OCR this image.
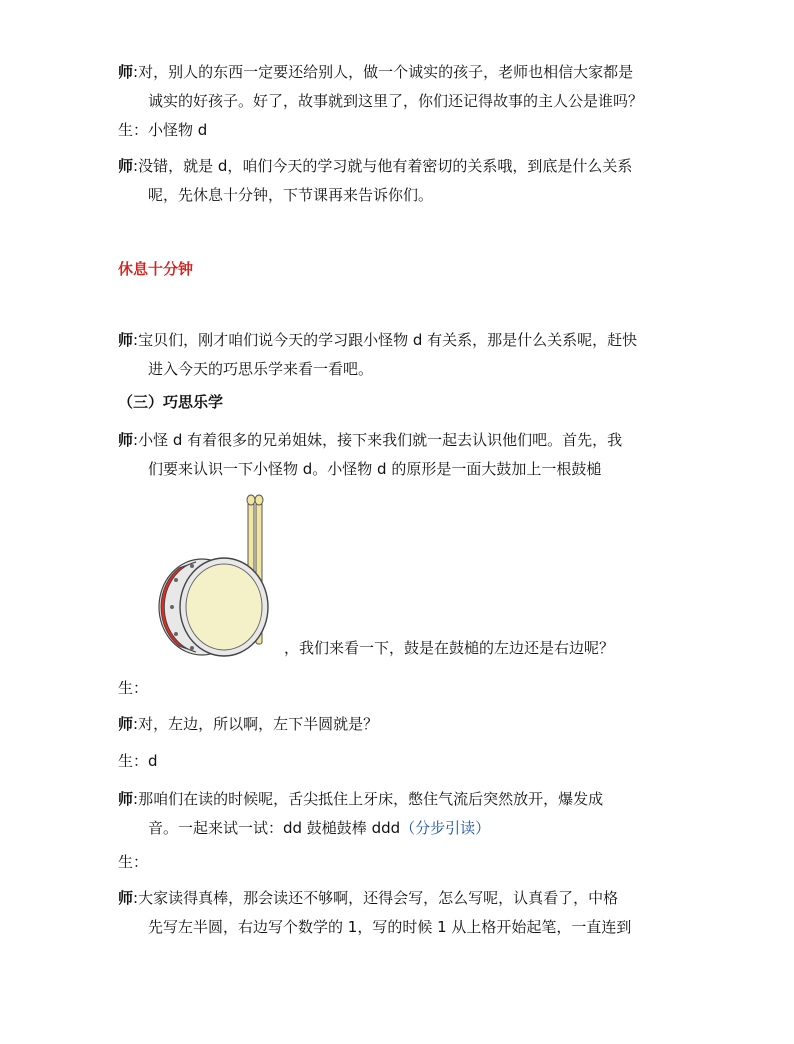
师:对，别人的东西一定要还给别人，做一个诚实的孩子，老师也相信大家都是
诚实的好孩子。好了，故事就到这里了，你们还记得故事的主人公是谁吗？
生：小怪物 d
师:没错，就是 d，咱们今天的学习就与他有着密切的关系哦，到底是什么关系
呢，先休息十分钟，下节课再来告诉你们。
休息十分钟
师:宝贝们，刚才咱们说今天的学习跟小怪物 d 有关系，那是什么关系呢，赶快
进入今天的巧思乐学来看一看吧。
（三）巧思乐学
师:小怪 d 有着很多的兄弟姐妹，接下来我们就一起去认识他们吧。首先，我
们要来认识一下小怪物 d。小怪物 d 的原形是一面大鼓加上一根鼓槌
，我们来看一下，鼓是在鼓槌的左边还是右边呢？
生：
师:对，左边，所以啊，左下半圆就是？
生：d
师:那咱们在读的时候呢，舌尖抵住上牙床，憋住气流后突然放开，爆发成
音。一起来试一试：dd 鼓槌鼓棒 ddd（分步引读）
生：
师:大家读得真棒，那会读还不够啊，还得会写，怎么写呢，认真看了，中格
先写左半圆，右边写个数学的 1，写的时候 1 从上格开始起笔，一直连到
